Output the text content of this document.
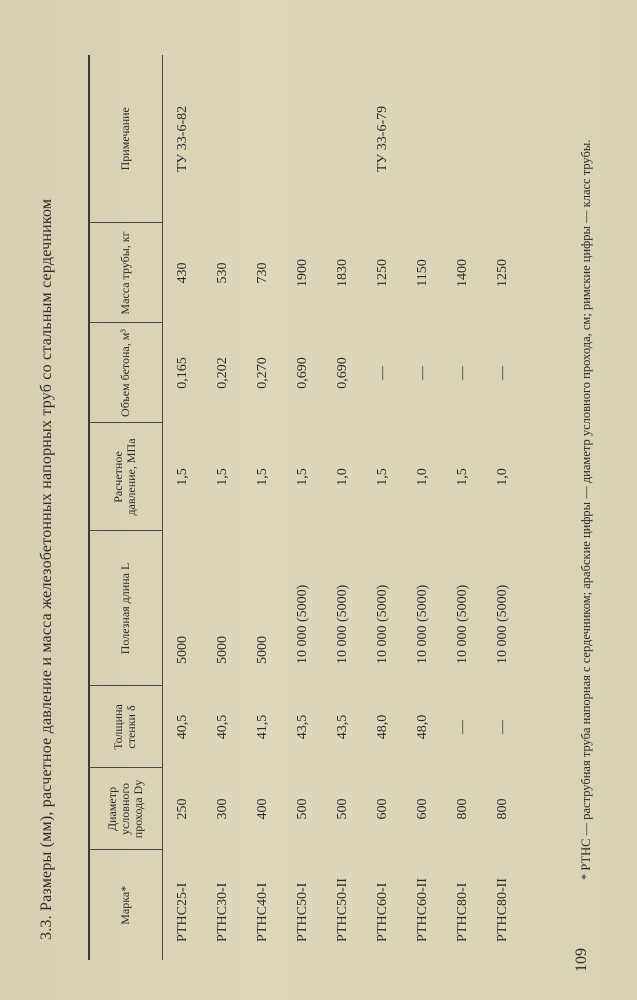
3.3. Размеры (мм), расчетное давление и масса железобетонных напорных труб со стальным сердечником	Марка*	Диаметр условного прохода Dу	Толщина стенки δ	Полезная длина L	Расчетное давление, МПа	Объем бетона, м³	Масса трубы, кг	Примечание
РТНС25-I	250	40,5	5000	1,5	0,165	430	ТУ 33-6-82
РТНС30-I	300	40,5	5000	1,5	0,202	530	
РТНС40-I	400	41,5	5000	1,5	0,270	730	
РТНС50-I	500	43,5	10 000 (5000)	1,5	0,690	1900	
РТНС50-II	500	43,5	10 000 (5000)	1,0	0,690	1830	
РТНС60-I	600	48,0	10 000 (5000)	1,5	—	1250	ТУ 33-6-79
РТНС60-II	600	48,0	10 000 (5000)	1,0	—	1150	
РТНС80-I	800	—	10 000 (5000)	1,5	—	1400	
РТНС80-II	800	—	10 000 (5000)	1,0	—	1250	
109
* РТНС — раструбная труба напорная с сердечником; арабские цифры — диаметр условного прохода, см; римские цифры — класс трубы.
